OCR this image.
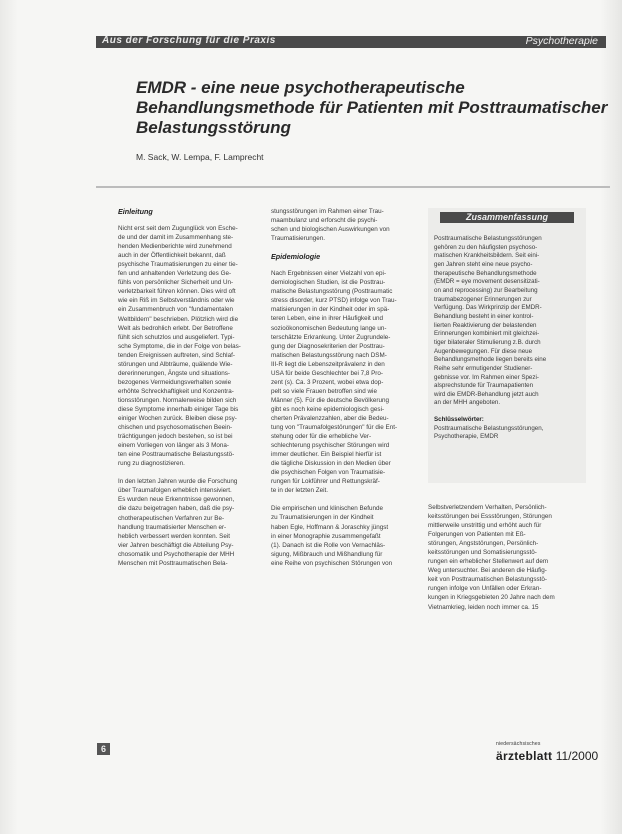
Aus der Forschung für die Praxis	Psychotherapie
EMDR - eine neue psychotherapeutische
Behandlungsmethode für Patienten mit Posttraumatischer
Belastungsstörung
M. Sack, W. Lempa, F. Lamprecht
Einleitung
Nicht erst seit dem Zugunglück von Esche-
de und der damit im Zusammenhang ste-
henden Medienberichte wird zunehmend
auch in der Öffentlichkeit bekannt, daß
psychische Traumatisierungen zu einer tie-
fen und anhaltenden Verletzung des Ge-
fühls von persönlicher Sicherheit und Un-
verletzbarkeit führen können. Dies wird oft
wie ein Riß im Selbstverständnis oder wie
ein Zusammenbruch von "fundamentalen
Weltbildern" beschrieben. Plötzlich wird die
Welt als bedrohlich erlebt. Der Betroffene
fühlt sich schutzlos und ausgeliefert. Typi-
sche Symptome, die in der Folge von belas-
tenden Ereignissen auftreten, sind Schlaf-
störungen und Albträume, quälende Wie-
dererinnerungen, Ängste und situations-
bezogenes Vermeidungsverhalten sowie
erhöhte Schreckhaftigkeit und Konzentra-
tionsstörungen. Normalerweise bilden sich
diese Symptome innerhalb einiger Tage bis
einiger Wochen zurück. Bleiben diese psy-
chischen und psychosomatischen Beein-
trächtigungen jedoch bestehen, so ist bei
einem Vorliegen von länger als 3 Mona-
ten eine Posttraumatische Belastungsstö-
rung zu diagnostizieren.
In den letzten Jahren wurde die Forschung
über Traumafolgen erheblich intensiviert.
Es wurden neue Erkenntnisse gewonnen,
die dazu beigetragen haben, daß die psy-
chotherapeutischen Verfahren zur Be-
handlung traumatisierter Menschen er-
heblich verbessert werden konnten. Seit
vier Jahren beschäftigt die Abteilung Psy-
chosomatik und Psychotherapie der MHH
Menschen mit Posttraumatischen Bela-
stungsstörungen im Rahmen einer Trau-
maambulanz und erforscht die psychi-
schen und biologischen Auswirkungen von
Traumatisierungen.
Epidemiologie
Nach Ergebnissen einer Vielzahl von epi-
demiologischen Studien, ist die Posttrau-
matische Belastungsstörung (Posttraumatic
stress disorder, kurz PTSD) infolge von Trau-
matisierungen in der Kindheit oder im spä-
teren Leben, eine in ihrer Häufigkeit und
sozioökonomischen Bedeutung lange un-
terschätzte Erkrankung. Unter Zugrundele-
gung der Diagnosekriterien der Posttrau-
matischen Belastungsstörung nach DSM-
III-R liegt die Lebenszeitprävalenz in den
USA für beide Geschlechter bei 7,8 Pro-
zent (s). Ca. 3 Prozent, wobei etwa dop-
pelt so viele Frauen betroffen sind wie
Männer (5). Für die deutsche Bevölkerung
gibt es noch keine epidemiologisch gesi-
cherten Prävalenzzahlen, aber die Bedeu-
tung von "Traumafolgestörungen" für die Ent-
stehung oder für die erhebliche Ver-
schlechterung psychischer Störungen wird
immer deutlicher. Ein Beispiel hierfür ist
die tägliche Diskussion in den Medien über
die psychischen Folgen von Traumatisie-
rungen für Lokführer und Rettungskräf-
te in der letzten Zeit.
Die empirischen und klinischen Befunde
zu Traumatisierungen in der Kindheit
haben Egle, Hoffmann & Joraschky jüngst
in einer Monographie zusammengefaßt
(1). Danach ist die Rolle von Vernachläs-
sigung, Mißbrauch und Mißhandlung für
eine Reihe von psychischen Störungen von
Zusammenfassung
Posttraumatische Belastungsstörungen
gehören zu den häufigsten psychoso-
matischen Krankheitsbildern. Seit eini-
gen Jahren steht eine neue psycho-
therapeutische Behandlungsmethode
(EMDR = eye movement desensitizati-
on and reprocessing) zur Bearbeitung
traumabezogener Erinnerungen zur
Verfügung. Das Wirkprinzip der EMDR-
Behandlung besteht in einer kontrol-
lierten Reaktivierung der belastenden
Erinnerungen kombiniert mit gleichzei-
tiger bilateraler Stimulierung z.B. durch
Augenbewegungen. Für diese neue
Behandlungsmethode liegen bereits eine
Reihe sehr ermutigender Studiener-
gebnisse vor. Im Rahmen einer Spezi-
alsprechstunde für Traumapatienten
wird die EMDR-Behandlung jetzt auch
an der MHH angeboten.
Schlüsselwörter:
Posttraumatische Belastungsstörungen,
Psychotherapie, EMDR
Selbstverletzendem Verhalten, Persönlich-
keitsstörungen bei Essstörungen, Störungen
mittlerweile unstrittig und erhöht auch für
Folgerungen von Patienten mit Eß-
störungen, Angststörungen, Persönlich-
keitsstörungen und Somatisierungsstö-
rungen ein erheblicher Stellenwert auf dem
Weg untersuchter. Bei anderen die Häufig-
keit von Posttraumatischen Belastungsstö-
rungen infolge von Unfällen oder Erkran-
kungen in Kriegsgebieten 20 Jahre nach dem
Vietnamkrieg, leiden noch immer ca. 15
6	niedersächsisches
ärzteblatt 11/2000
